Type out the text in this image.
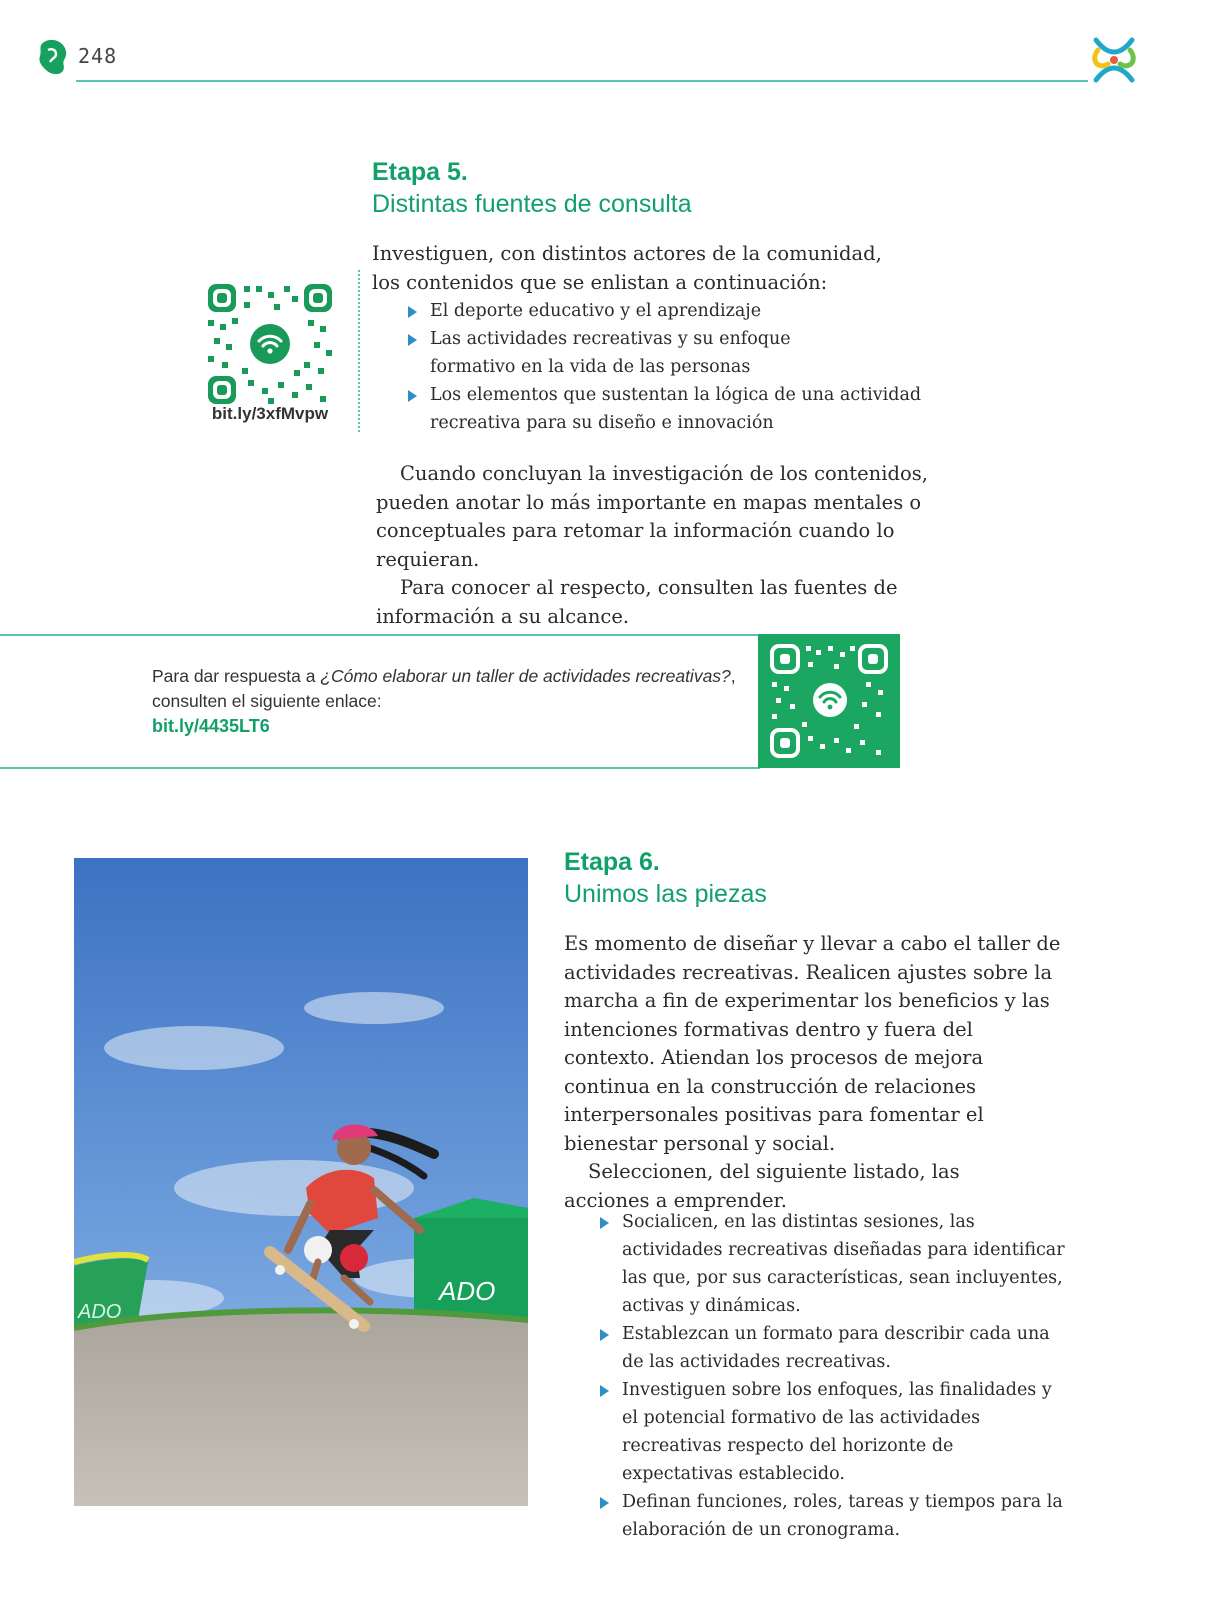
248
Etapa 5.
Distintas fuentes de consulta

Investiguen, con distintos actores de la comunidad,

los contenidos que se enlistan a continuación:

El deporte educativo y el aprendizaje
Las actividades recreativas y su enfoque formativo en la vida de las personas
Los elementos que sustentan la lógica de una actividad recreativa para su diseño e innovación

Cuando concluyan la investigación de los contenidos, pueden anotar lo más importante en mapas mentales o conceptuales para retomar la información cuando lo requieran.

Para conocer al respecto, consulten las fuentes de información a su alcance.

bit.ly/3xfMvpw
Para dar respuesta a ¿Cómo elaborar un taller de actividades recreativas?, consulten el siguiente enlace:
bit.ly/4435LT6
ADO
ADO
Etapa 6.
Unimos las piezas

Es momento de diseñar y llevar a cabo el taller de actividades recreativas. Realicen ajustes sobre la marcha a fin de experimentar los beneficios y las intenciones formativas dentro y fuera del contexto. Atiendan los procesos de mejora continua en la construcción de relaciones interpersonales positivas para fomentar el bienestar personal y social.

Seleccionen, del siguiente listado, las acciones a emprender.

Socialicen, en las distintas sesiones, las actividades recreativas diseñadas para identificar las que, por sus características, sean incluyentes, activas y dinámicas.
Establezcan un formato para describir cada una de las actividades recreativas.
Investiguen sobre los enfoques, las finalidades y el potencial formativo de las actividades recreativas respecto del horizonte de expectativas establecido.
Definan funciones, roles, tareas y tiempos para la elaboración de un cronograma.
